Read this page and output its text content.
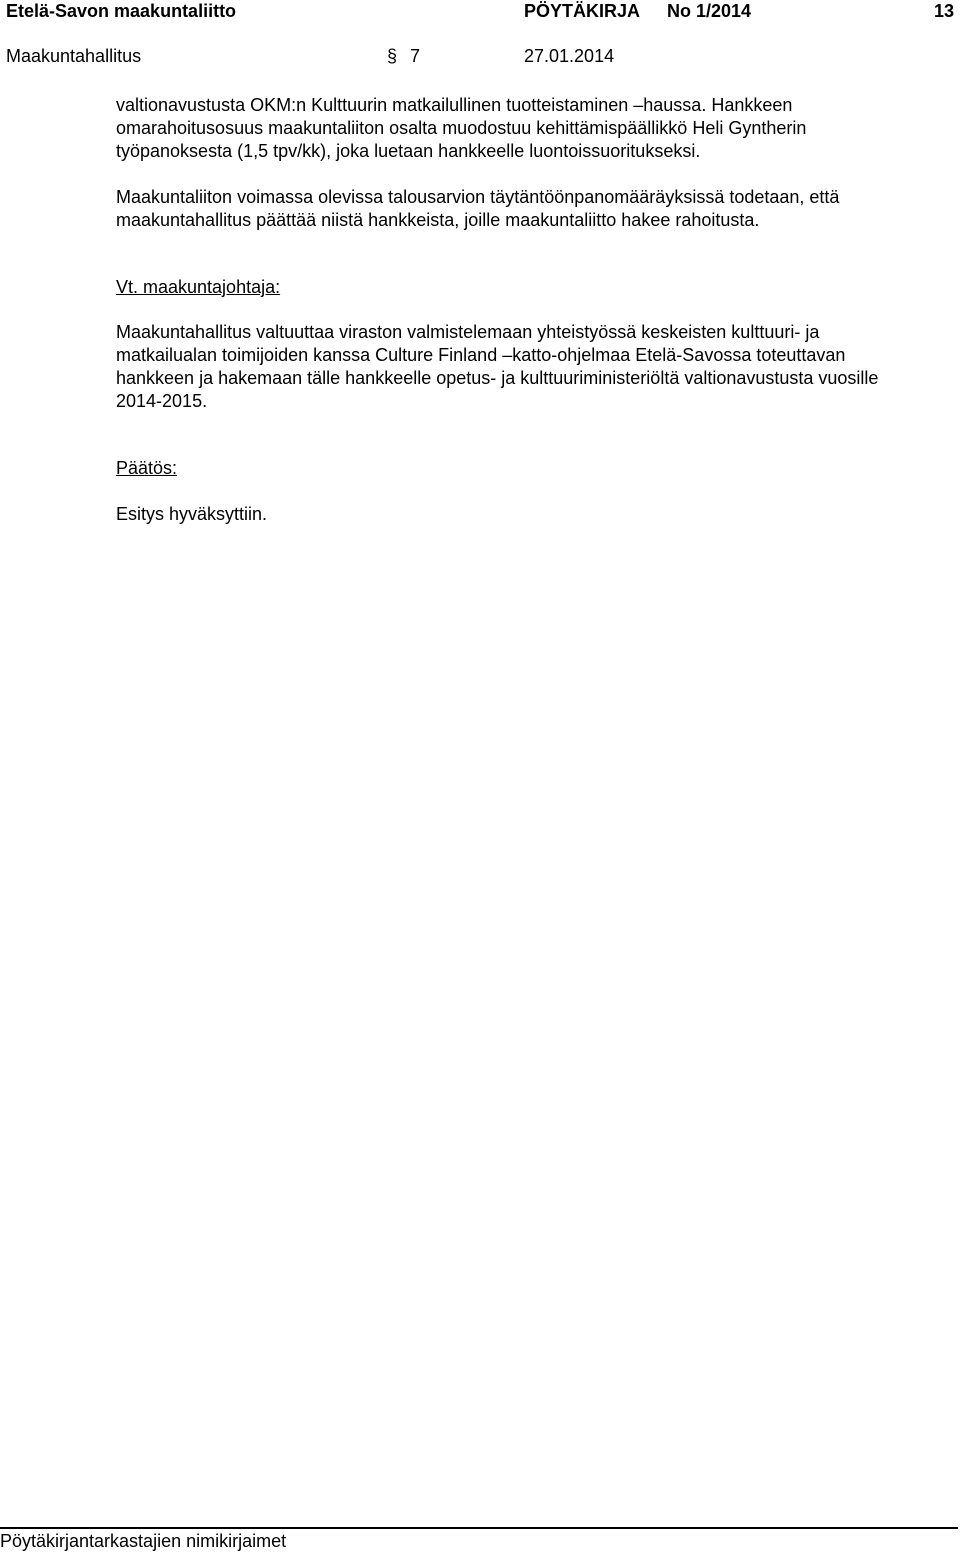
Etelä-Savon maakuntaliitto	PÖYTÄKIRJA No 1/2014	13
Maakuntahallitus	§ 7	27.01.2014
valtionavustusta OKM:n Kulttuurin matkailullinen tuotteistaminen –haussa. Hankkeen
omarahoitusosuus maakuntaliiton osalta muodostuu kehittämispäällikkö Heli Gyntherin
työpanoksesta (1,5 tpv/kk), joka luetaan hankkeelle luontoissuoritukseksi.
Maakuntaliiton voimassa olevissa talousarvion täytäntöönpanomääräyksissä todetaan, että
maakuntahallitus päättää niistä hankkeista, joille maakuntaliitto hakee rahoitusta.
Vt. maakuntajohtaja:
Maakuntahallitus valtuuttaa viraston valmistelemaan yhteistyössä keskeisten kulttuuri- ja
matkailualan toimijoiden kanssa Culture Finland –katto-ohjelmaa Etelä-Savossa toteuttavan
hankkeen ja hakemaan tälle hankkeelle opetus- ja kulttuuriministeriöltä valtionavustusta vuosille
2014-2015.
Päätös:
Esitys hyväksyttiin.
Pöytäkirjantarkastajien nimikirjaimet
